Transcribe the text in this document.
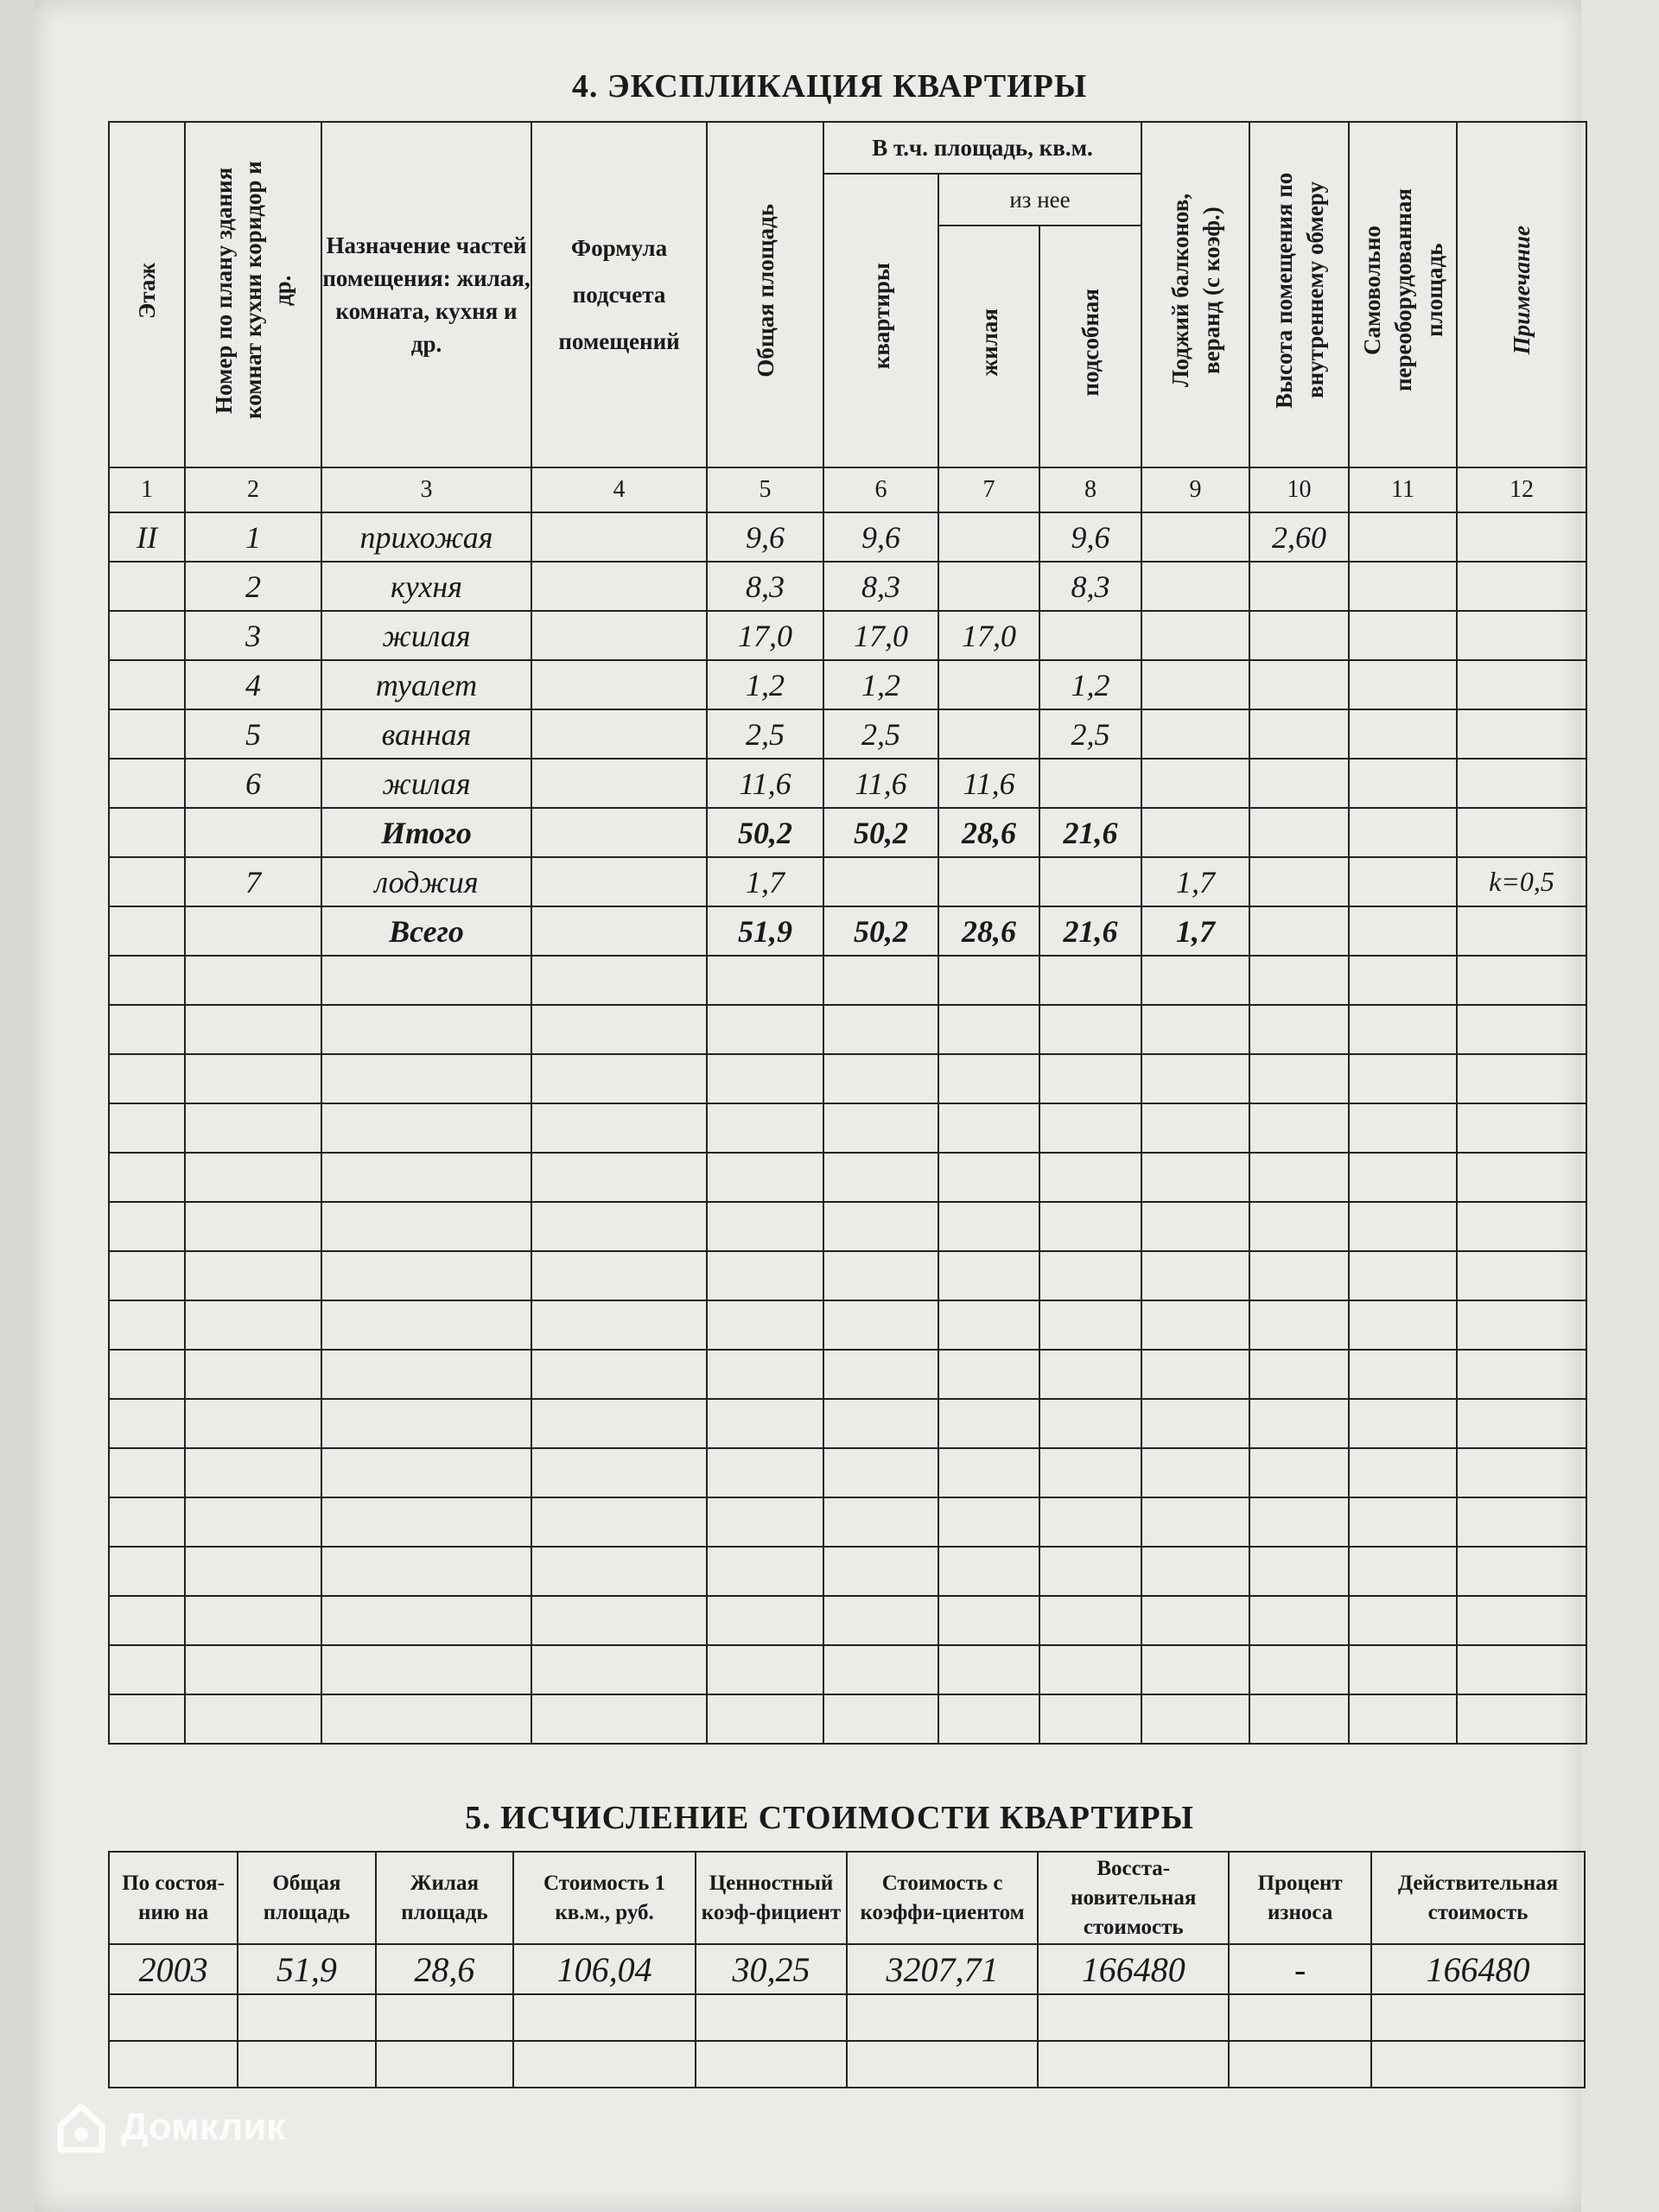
4. ЭКСПЛИКАЦИЯ КВАРТИРЫ
Этаж	Номер по плану здания комнат кухни коридор и др.	Назначение частей помещения: жилая, комната, кухня и др.	Формула подсчета помещений	Общая площадь	В т.ч. площадь, кв.м.			Лоджий балконов, веранд (с коэф.)	Высота помещения по внутреннему обмеру	Самовольно переоборудованная площадь	Примечание
					квартиры	из нее					
						жилая	подсобная				
1	2	3	4	5	6	7	8	9	10	11	12
II	1	прихожая		9,6	9,6		9,6		2,60		
	2	кухня		8,3	8,3		8,3				
	3	жилая		17,0	17,0	17,0					
	4	туалет		1,2	1,2		1,2				
	5	ванная		2,5	2,5		2,5				
	6	жилая		11,6	11,6	11,6					
		Итого		50,2	50,2	28,6	21,6				
	7	лоджия		1,7				1,7			k=0,5
		Всего		51,9	50,2	28,6	21,6	1,7			

5. ИСЧИСЛЕНИЕ СТОИМОСТИ КВАРТИРЫ
По состоя-нию на	Общая площадь	Жилая площадь	Стоимость 1 кв.м., руб.	Ценностный коэф-фициент	Стоимость с коэффи-циентом	Восста-новительная стоимость	Процент износа	Действительная стоимость
2003	51,9	28,6	106,04	30,25	3207,71	166480	-	166480

Домклик
